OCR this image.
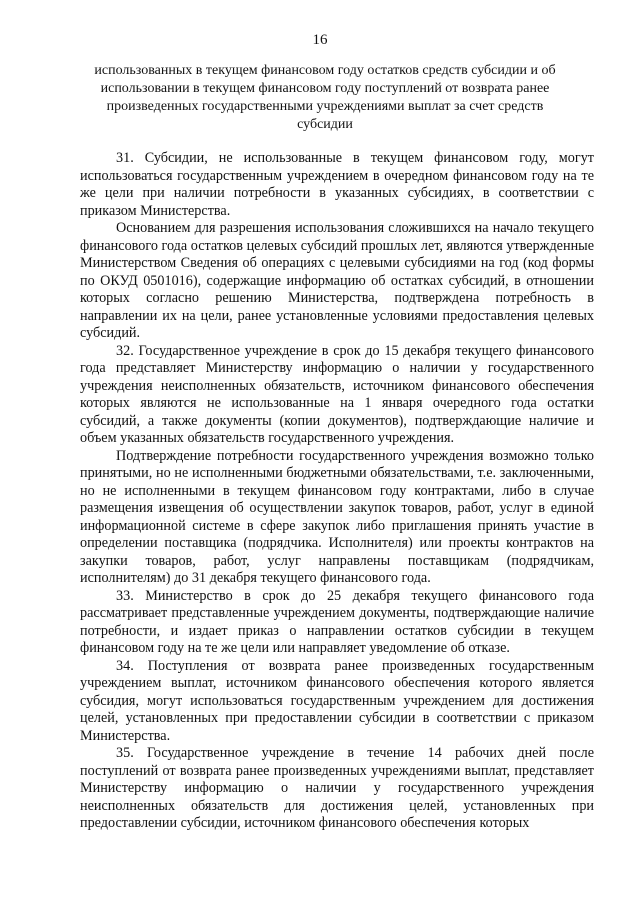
16
использованных в текущем финансовом году остатков средств субсидии и об использовании в текущем финансовом году поступлений от возврата ранее произведенных государственными учреждениями выплат за счет средств субсидии

31. Субсидии, не использованные в текущем финансовом году, могут использоваться государственным учреждением в очередном финансовом году на те же цели при наличии потребности в указанных субсидиях, в соответствии с приказом Министерства.

Основанием для разрешения использования сложившихся на начало текущего финансового года остатков целевых субсидий прошлых лет, являются утвержденные Министерством Сведения об операциях с целевыми субсидиями на год (код формы по ОКУД 0501016), содержащие информацию об остатках субсидий, в отношении которых согласно решению Министерства, подтверждена потребность в направлении их на цели, ранее установленные условиями предоставления целевых субсидий.

32. Государственное учреждение в срок до 15 декабря текущего финансового года представляет Министерству информацию о наличии у государственного учреждения неисполненных обязательств, источником финансового обеспечения которых являются не использованные на 1 января очередного года остатки субсидий, а также документы (копии документов), подтверждающие наличие и объем указанных обязательств государственного учреждения.

Подтверждение потребности государственного учреждения возможно только принятыми, но не исполненными бюджетными обязательствами, т.е. заключенными, но не исполненными в текущем финансовом году контрактами, либо в случае размещения извещения об осуществлении закупок товаров, работ, услуг в единой информационной системе в сфере закупок либо приглашения принять участие в определении поставщика (подрядчика. Исполнителя) или проекты контрактов на закупки товаров, работ, услуг направлены поставщикам (подрядчикам, исполнителям) до 31 декабря текущего финансового года.

33. Министерство в срок до 25 декабря текущего финансового года рассматривает представленные учреждением документы, подтверждающие наличие потребности, и издает приказ о направлении остатков субсидии в текущем финансовом году на те же цели или направляет уведомление об отказе.

34. Поступления от возврата ранее произведенных государственным учреждением выплат, источником финансового обеспечения которого является субсидия, могут использоваться государственным учреждением для достижения целей, установленных при предоставлении субсидии в соответствии с приказом Министерства.

35. Государственное учреждение в течение 14 рабочих дней после поступлений от возврата ранее произведенных учреждениями выплат, представляет Министерству информацию о наличии у государственного учреждения неисполненных обязательств для достижения целей, установленных при предоставлении субсидии, источником финансового обеспечения которых
